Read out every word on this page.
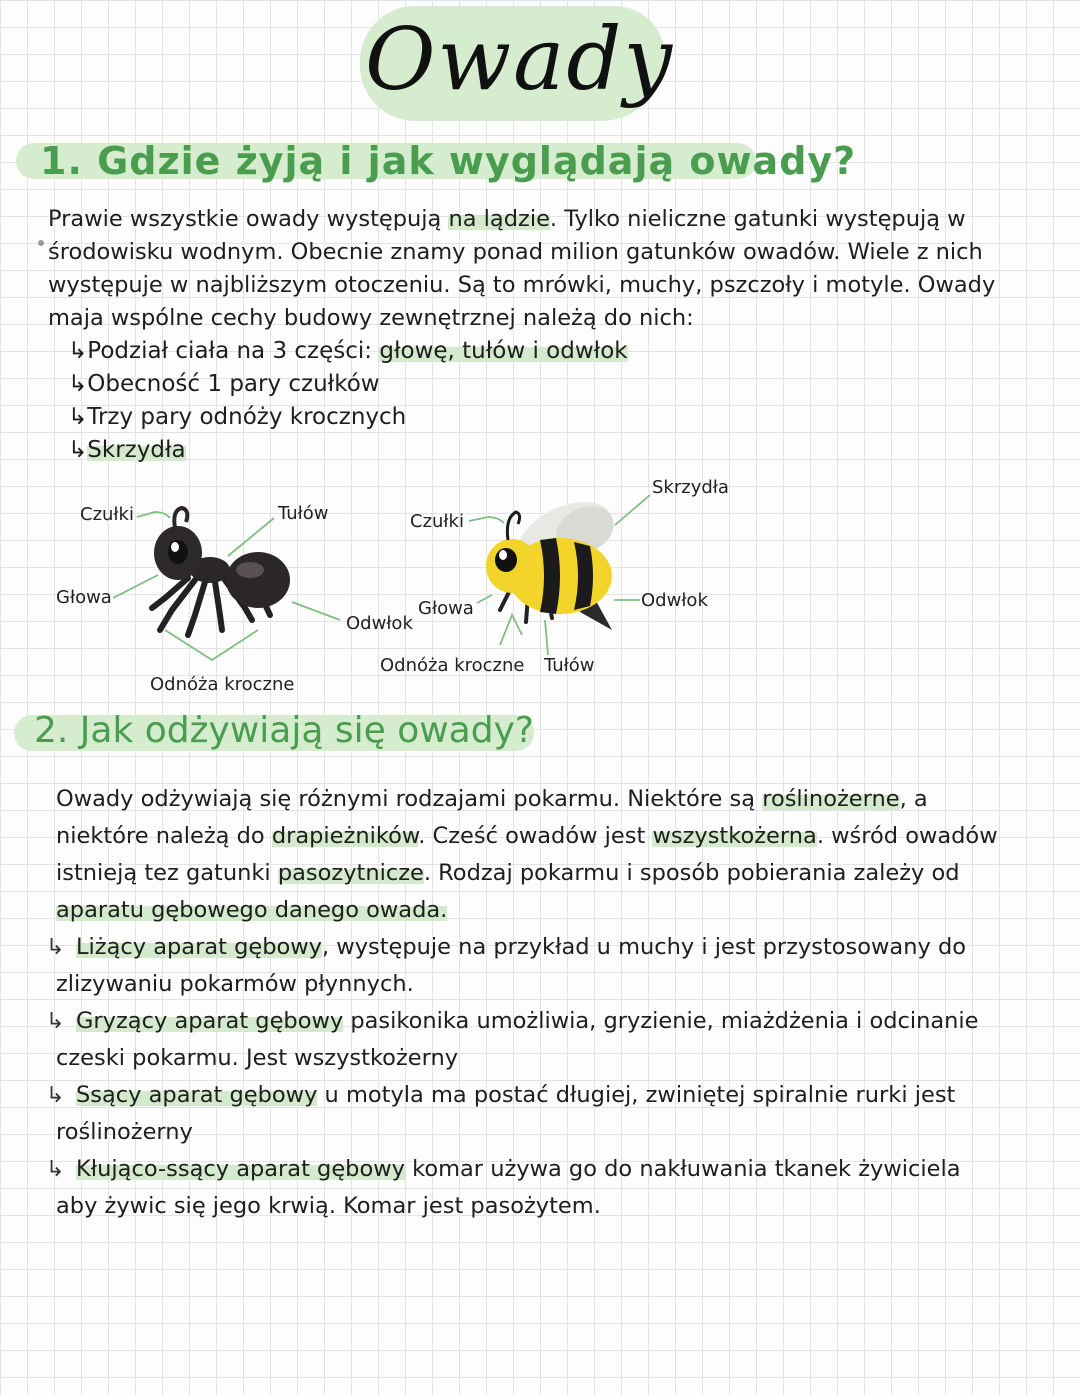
Owady
1. Gdzie żyją i jak wyglądają owady?
Prawie wszystkie owady występują na lądzie. Tylko nieliczne gatunki występują w
środowisku wodnym. Obecnie znamy ponad milion gatunków owadów. Wiele z nich
występuje w najbliższym otoczeniu. Są to mrówki, muchy, pszczoły i motyle. Owady
maja wspólne cechy budowy zewnętrznej należą do nich:
↳Podział ciała na 3 części: głowę, tułów i odwłok
↳Obecność 1 pary czułków
↳Trzy pary odnóży krocznych
↳Skrzydła
Czułki	Tułów
Głowa
Odwłok
Odnóża kroczne
Czułki
Skrzydła
Głowa	Odwłok
Odnóża kroczne Tułów
2. Jak odżywiają się owady?
Owady odżywiają się różnymi rodzajami pokarmu. Niektóre są roślinożerne, a
niektóre należą do drapieżników. Cześć owadów jest wszystkożerna. wśród owadów
istnieją tez gatunki pasozytnicze. Rodzaj pokarmu i sposób pobierania zależy od
aparatu gębowego danego owada.
↳ Liżący aparat gębowy, występuje na przykład u muchy i jest przystosowany do
zlizywaniu pokarmów płynnych.
↳ Gryzący aparat gębowy pasikonika umożliwia, gryzienie, miażdżenia i odcinanie
czeski pokarmu. Jest wszystkożerny
↳ Ssący aparat gębowy u motyla ma postać długiej, zwiniętej spiralnie rurki jest
roślinożerny
↳ Kłująco-ssący aparat gębowy komar używa go do nakłuwania tkanek żywiciela
aby żywic się jego krwią. Komar jest pasożytem.
